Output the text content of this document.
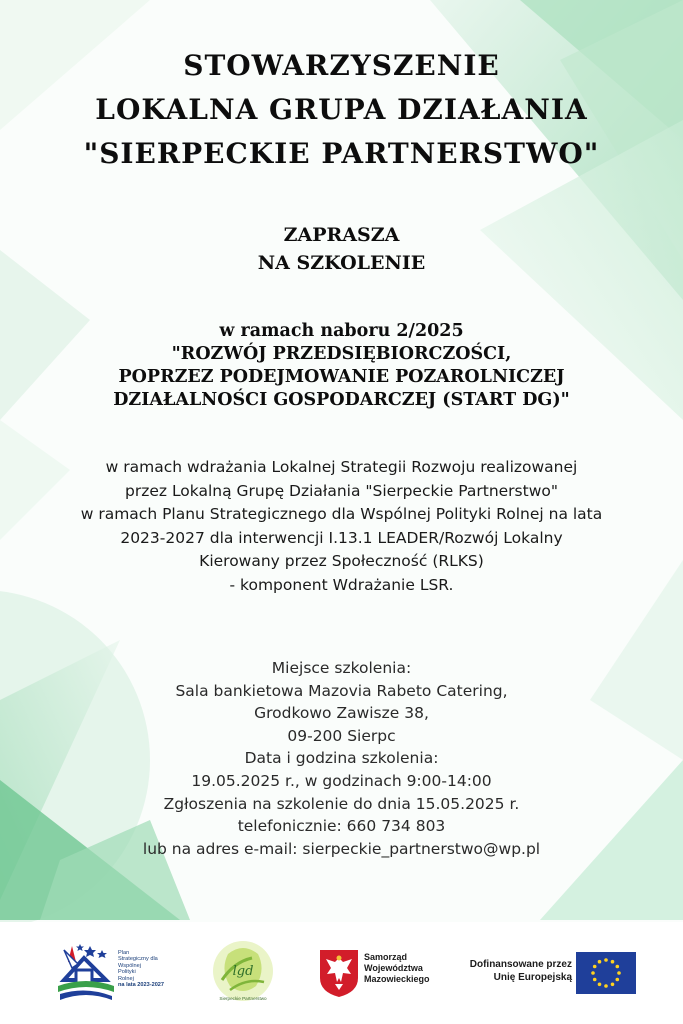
STOWARZYSZENIE

LOKALNA GRUPA DZIAŁANIA

"SIERPECKIE PARTNERSTWO"

ZAPRASZA

NA SZKOLENIE

w ramach naboru 2/2025

"ROZWÓJ PRZEDSIĘBIORCZOŚCI,

POPRZEZ PODEJMOWANIE POZAROLNICZEJ

DZIAŁALNOŚCI GOSPODARCZEJ (START DG)"

w ramach wdrażania Lokalnej Strategii Rozwoju realizowanej

przez Lokalną Grupę Działania "Sierpeckie Partnerstwo"

w ramach Planu Strategicznego dla Wspólnej Polityki Rolnej na lata

2023-2027 dla interwencji I.13.1 LEADER/Rozwój Lokalny

Kierowany przez Społeczność (RLKS)

- komponent Wdrażanie LSR.

Miejsce szkolenia:

Sala bankietowa Mazovia Rabeto Catering,

Grodkowo Zawisze 38,

09-200 Sierpc

Data i godzina szkolenia:

19.05.2025 r., w godzinach 9:00-14:00

Zgłoszenia na szkolenie do dnia 15.05.2025 r.

telefonicznie: 660 734 803

lub na adres e-mail: sierpeckie_partnerstwo@wp.pl

Plan
Strategiczny dla
Wspólnej
Polityki
Rolnej
na lata 2023-2027
lgd
Sierpeckie Partnerstwo
Samorząd
Województwa
Mazowieckiego
Dofinansowane przez
Unię Europejską
